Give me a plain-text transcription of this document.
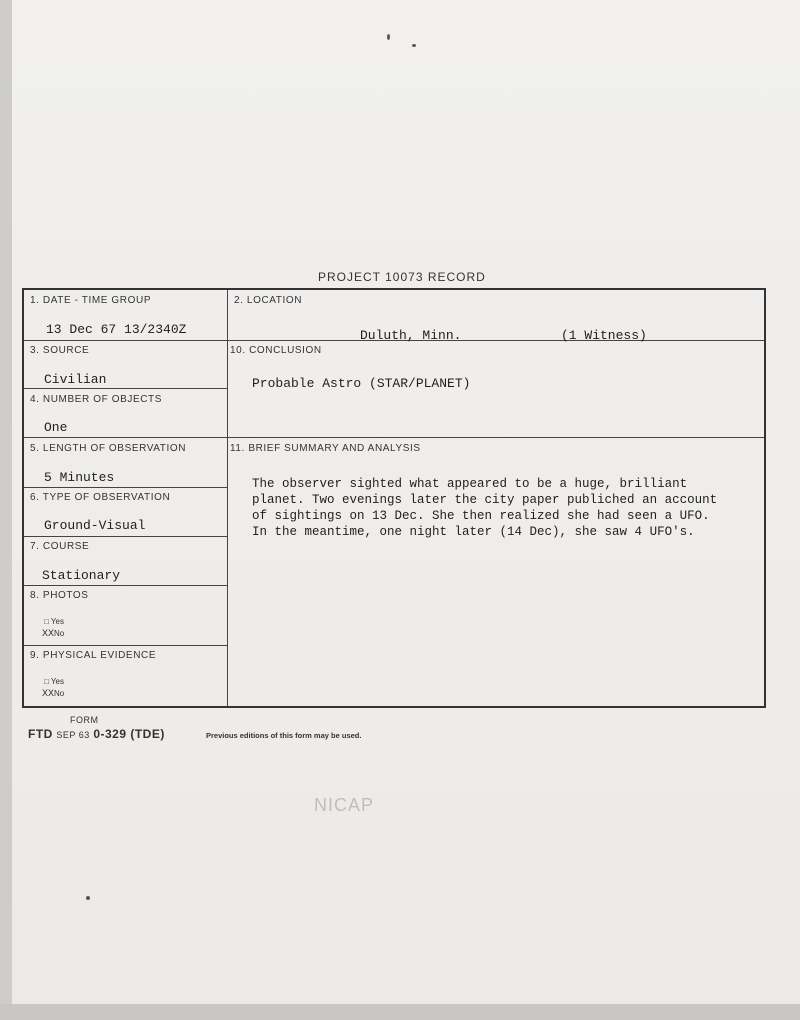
PROJECT 10073 RECORD
1. DATE - TIME GROUP
13 Dec 67 13/2340Z
2. LOCATION
Duluth, Minn.	(1 Witness)
3. SOURCE
Civilian
4. NUMBER OF OBJECTS
One
10. CONCLUSION
Probable Astro (STAR/PLANET)
5. LENGTH OF OBSERVATION
5 Minutes
11. BRIEF SUMMARY AND ANALYSIS
The observer sighted what appeared to be a huge, brilliant
planet. Two evenings later the city paper publiched an account
of sightings on 13 Dec. She then realized she had seen a UFO.
In the meantime, one night later (14 Dec), she saw 4 UFO's.
NICAP
6. TYPE OF OBSERVATION
Ground-Visual
7. COURSE
Stationary
8. PHOTOS
□ Yes
XXNo
9. PHYSICAL EVIDENCE
□ Yes
XXNo
FORM
FTD SEP 63 0-329 (TDE)	Previous editions of this form may be used.
